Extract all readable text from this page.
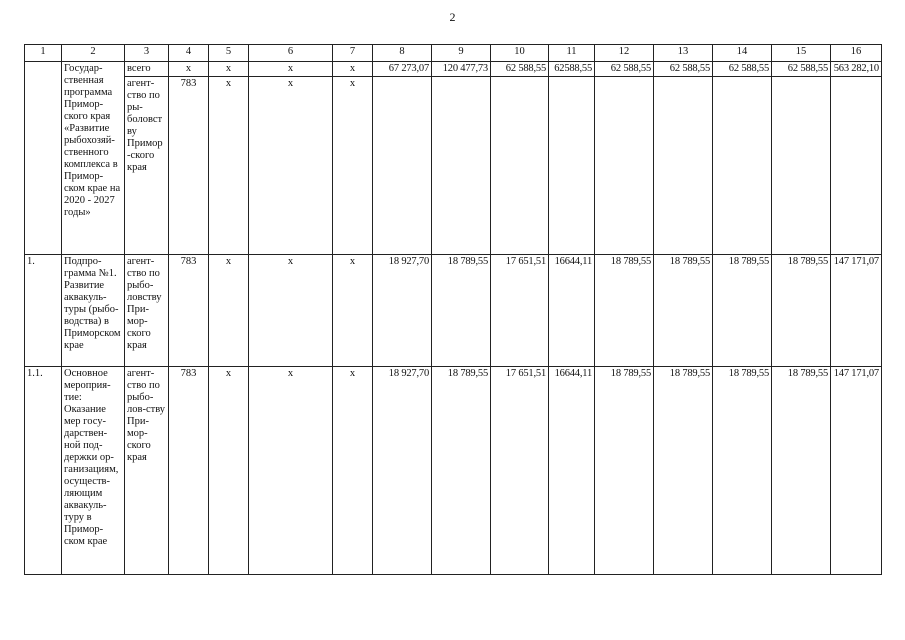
2
1	2	3	4	5	6	7	8	9	10	11	12	13	14	15	16
	Государ-ственная программа Примор-ского края «Развитие рыбохозяй-ственного комплекса в Примор-ском крае на 2020 - 2027 годы»	всего	х	х	х	х	67 273,07	120 477,73	62 588,55	62588,55	62 588,55	62 588,55	62 588,55	62 588,55	563 282,10
		агент-ство по ры-боловству Примор-ского края	783	х	х	х									
1.	Подпро-грамма №1. Развитие аквакуль-туры (рыбо-водства) в Приморском крае	агент-ство по рыбо-ловству При-мор-ского края	783	х	х	х	18 927,70	18 789,55	17 651,51	16644,11	18 789,55	18 789,55	18 789,55	18 789,55	147 171,07
1.1.	Основное мероприя-тие: Оказание мер госу-дарствен-ной под-держки ор-ганизациям, осуществ-ляющим аквакуль-туру в Примор-ском крае	агент-ство по рыбо-лов-ству При-мор-ского края	783	х	х	х	18 927,70	18 789,55	17 651,51	16644,11	18 789,55	18 789,55	18 789,55	18 789,55	147 171,07
